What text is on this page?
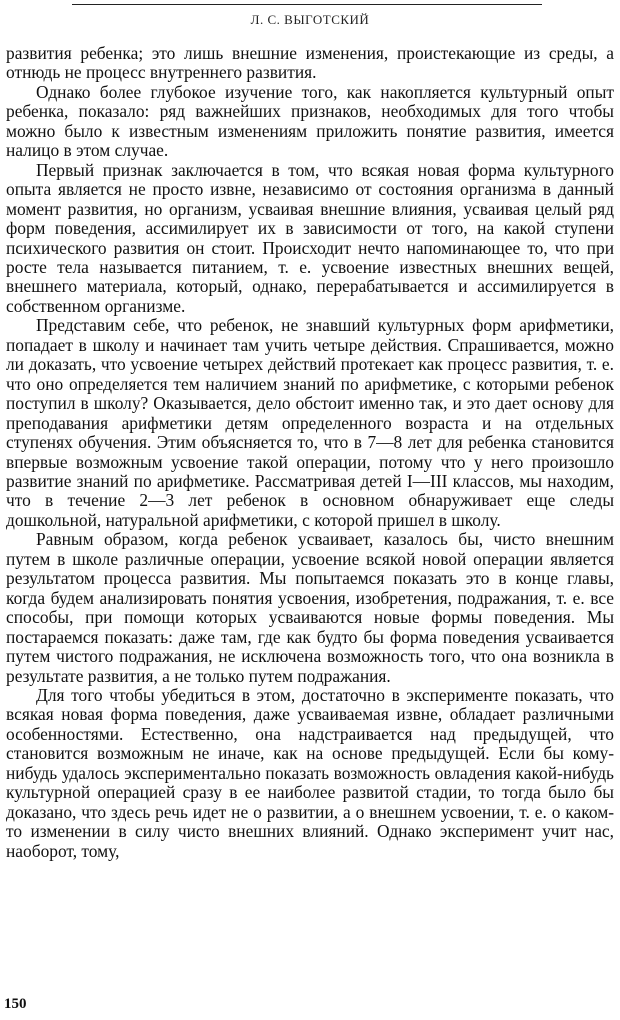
Л. С. ВЫГОТСКИЙ

развития ребенка; это лишь внешние изменения, проистекающие из среды, а отнюдь не процесс внутреннего развития.

Однако более глубокое изучение того, как накопляется культурный опыт ребенка, показало: ряд важнейших признаков, необходимых для того чтобы можно было к известным изменениям приложить понятие развития, имеется налицо в этом случае.

Первый признак заключается в том, что всякая новая форма культурного опыта является не просто извне, независимо от состояния организма в данный момент развития, но организм, усваивая внешние влияния, усваивая целый ряд форм поведения, ассимилирует их в зависимости от того, на какой ступени психического развития он стоит. Происходит нечто напоминающее то, что при росте тела называется питанием, т. е. усвоение известных внешних вещей, внешнего материала, который, однако, перерабатывается и ассимилируется в собственном организме.

Представим себе, что ребенок, не знавший культурных форм арифметики, попадает в школу и начинает там учить четыре действия. Спрашивается, можно ли доказать, что усвоение четырех действий протекает как процесс развития, т. е. что оно определяется тем наличием знаний по арифметике, с которыми ребенок поступил в школу? Оказывается, дело обстоит именно так, и это дает основу для преподавания арифметики детям определенного возраста и на отдельных ступенях обучения. Этим объясняется то, что в 7—8 лет для ребенка становится впервые возможным усвоение такой операции, потому что у него произошло развитие знаний по арифметике. Рассматривая детей I—III классов, мы находим, что в течение 2—3 лет ребенок в основном обнаруживает еще следы дошкольной, натуральной арифметики, с которой пришел в школу.

Равным образом, когда ребенок усваивает, казалось бы, чисто внешним путем в школе различные операции, усвоение всякой новой операции является результатом процесса развития. Мы попытаемся показать это в конце главы, когда будем анализировать понятия усвоения, изобретения, подражания, т. е. все способы, при помощи которых усваиваются новые формы поведения. Мы постараемся показать: даже там, где как будто бы форма поведения усваивается путем чистого подражания, не исключена возможность того, что она возникла в результате развития, а не только путем подражания.

Для того чтобы убедиться в этом, достаточно в эксперименте показать, что всякая новая форма поведения, даже усваиваемая извне, обладает различными особенностями. Естественно, она надстраивается над предыдущей, что становится возможным не иначе, как на основе предыдущей. Если бы кому-нибудь удалось экспериментально показать возможность овладения какой-нибудь культурной операцией сразу в ее наиболее развитой стадии, то тогда было бы доказано, что здесь речь идет не о развитии, а о внешнем усвоении, т. е. о каком-то изменении в силу чисто внешних влияний. Однако эксперимент учит нас, наоборот, тому,

150
